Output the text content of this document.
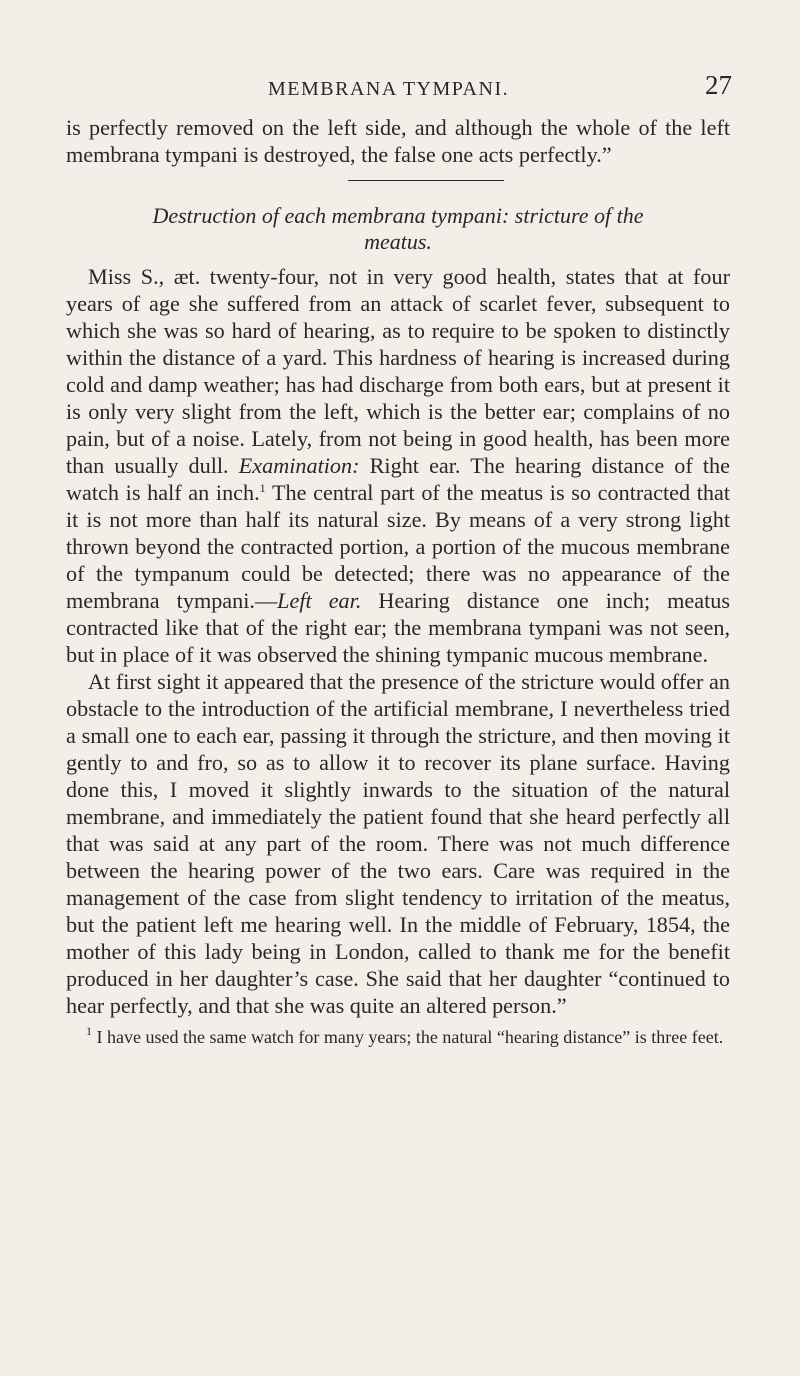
MEMBRANA TYMPANI.	27

is perfectly removed on the left side, and although the whole of the left membrana tympani is destroyed, the false one acts perfectly.”

Destruction of each membrana tympani: stricture of the
meatus.

Miss S., æt. twenty-four, not in very good health, states that at four years of age she suffered from an attack of scarlet fever, subsequent to which she was so hard of hearing, as to require to be spoken to distinctly within the distance of a yard. This hardness of hearing is increased during cold and damp weather; has had discharge from both ears, but at present it is only very slight from the left, which is the better ear; complains of no pain, but of a noise. Lately, from not being in good health, has been more than usually dull. Examination: Right ear. The hearing distance of the watch is half an inch.$^1$ The central part of the meatus is so contracted that it is not more than half its natural size. By means of a very strong light thrown beyond the contracted portion, a portion of the mucous membrane of the tympanum could be detected; there was no appearance of the membrana tympani.—Left ear. Hearing distance one inch; meatus contracted like that of the right ear; the membrana tympani was not seen, but in place of it was observed the shining tympanic mucous membrane.

At first sight it appeared that the presence of the stricture would offer an obstacle to the introduction of the artificial membrane, I nevertheless tried a small one to each ear, passing it through the stricture, and then moving it gently to and fro, so as to allow it to recover its plane surface. Having done this, I moved it slightly inwards to the situation of the natural membrane, and immediately the patient found that she heard perfectly all that was said at any part of the room. There was not much difference between the hearing power of the two ears. Care was required in the management of the case from slight tendency to irritation of the meatus, but the patient left me hearing well. In the middle of February, 1854, the mother of this lady being in London, called to thank me for the benefit produced in her daughter’s case. She said that her daughter “continued to hear perfectly, and that she was quite an altered person.”

$^1$ I have used the same watch for many years; the natural “hearing distance” is three feet.
